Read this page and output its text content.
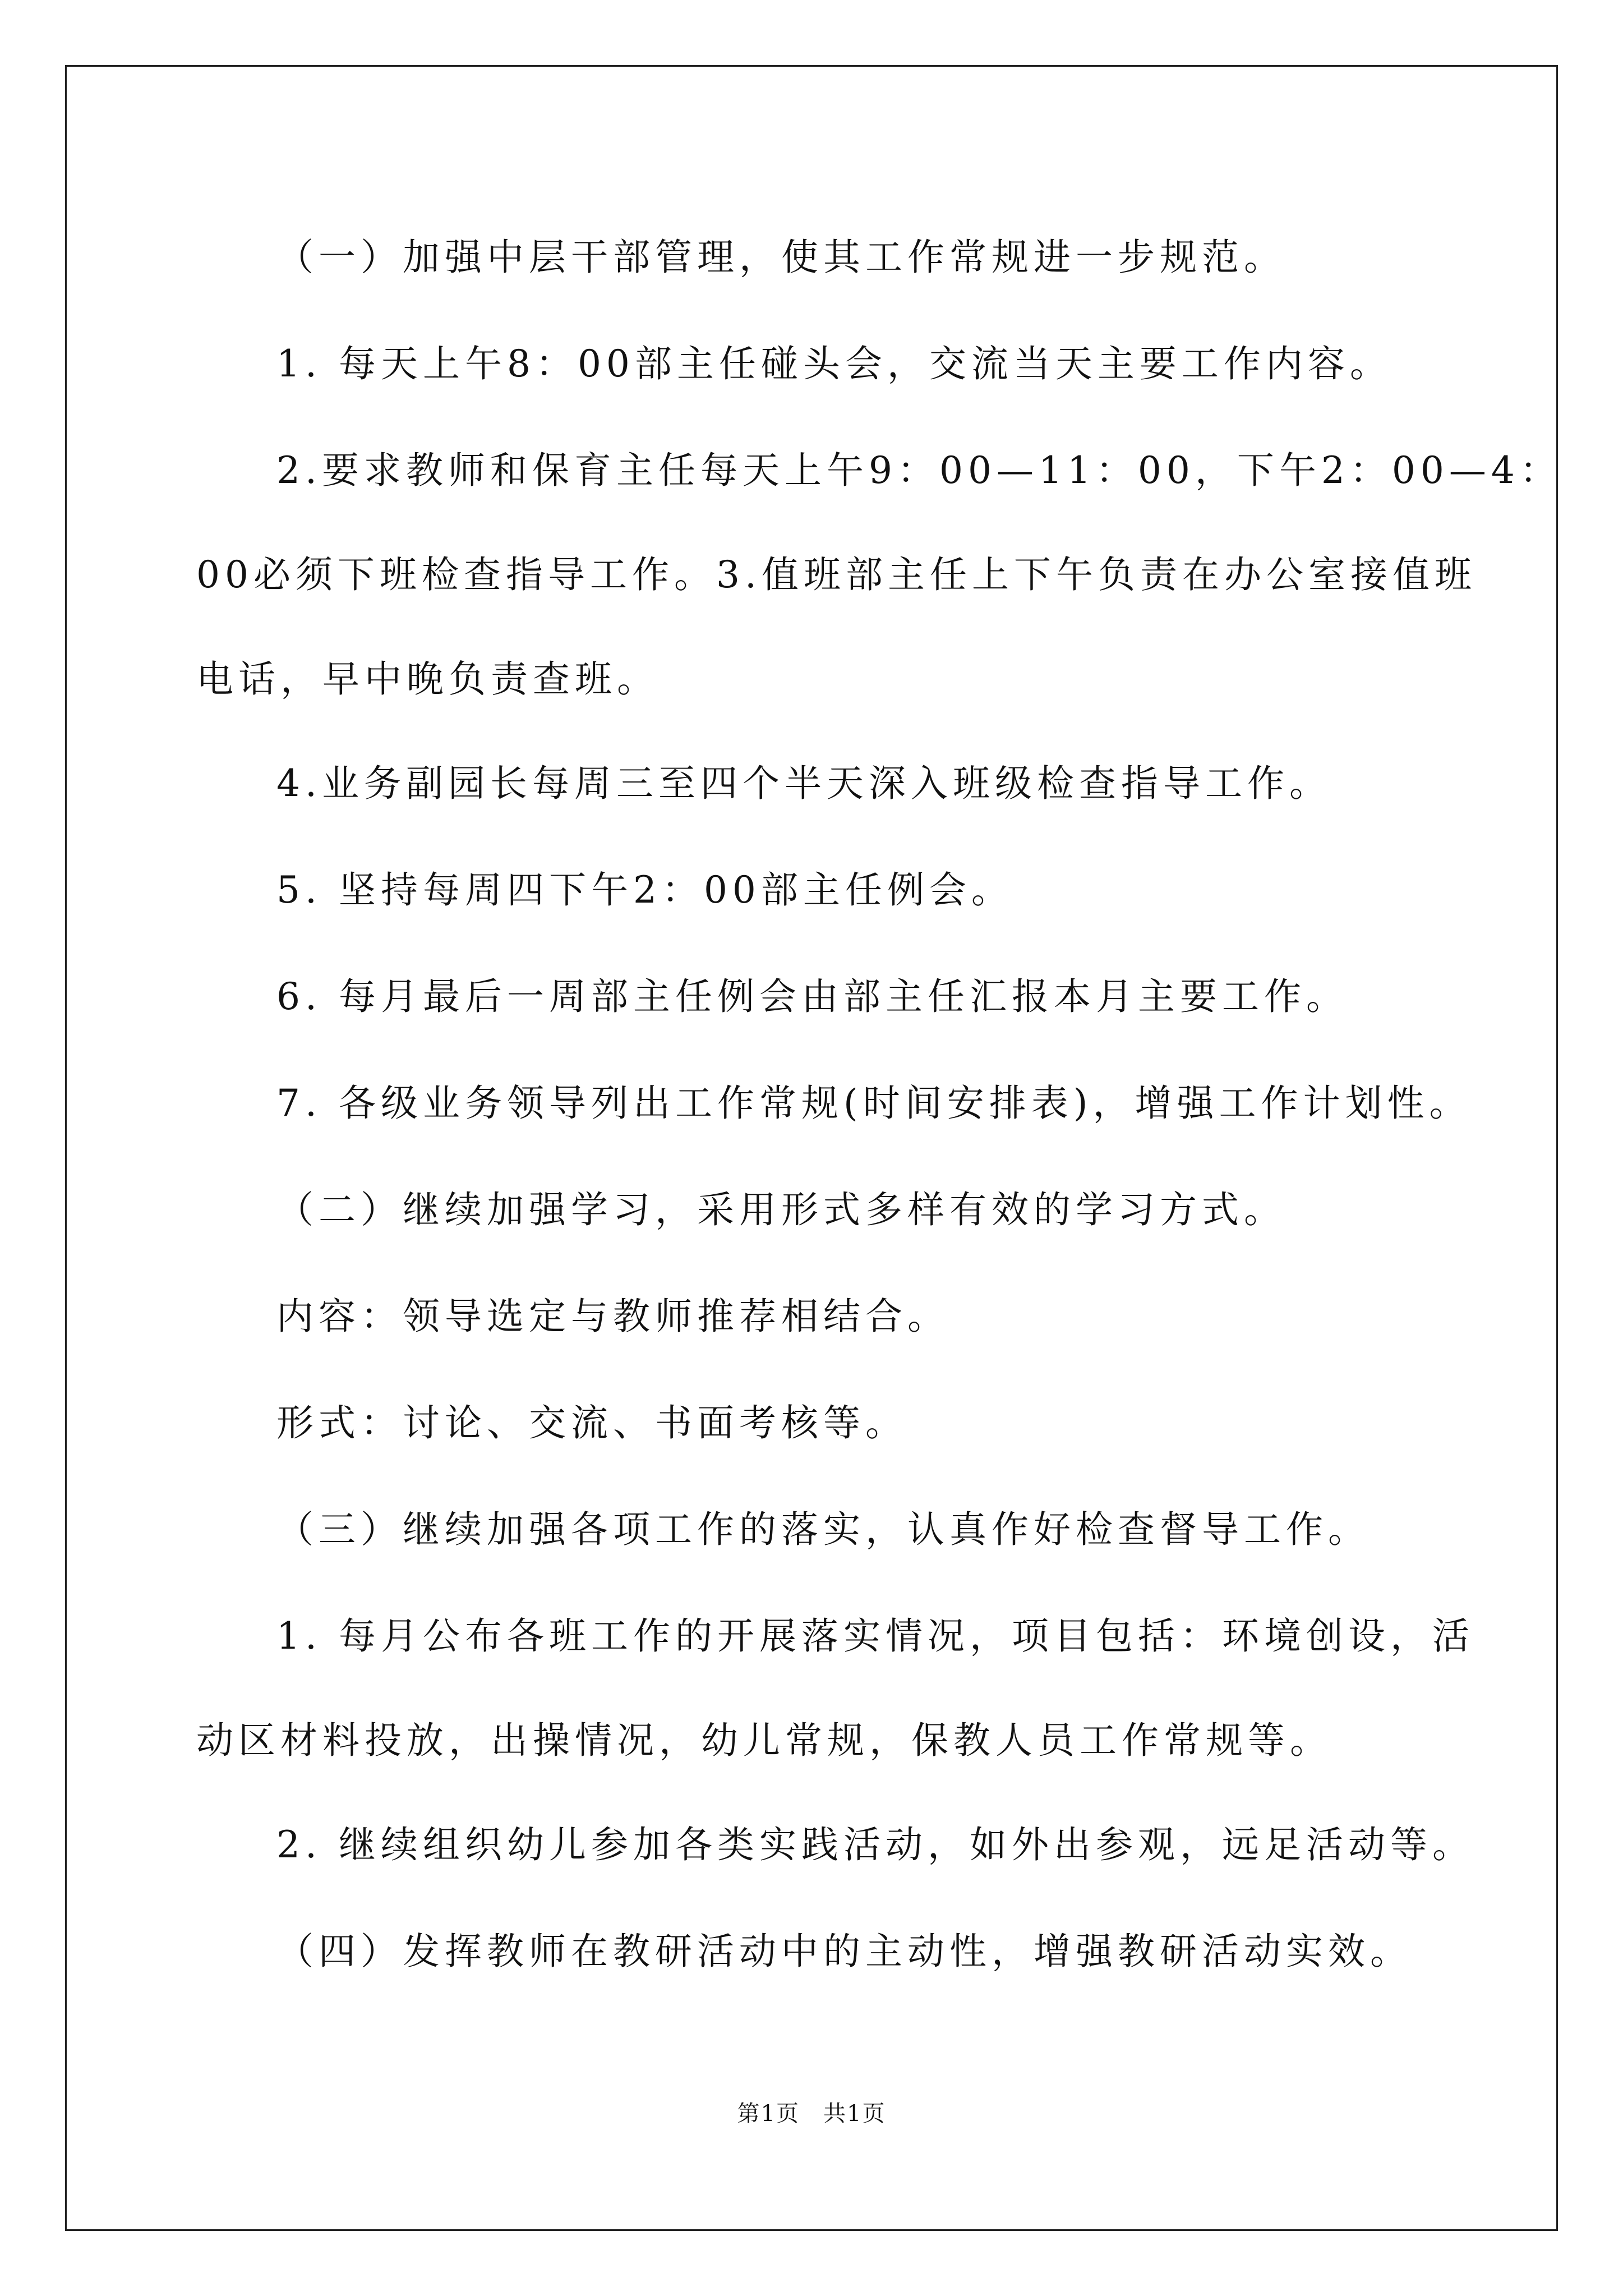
（一）加强中层干部管理，使其工作常规进一步规范。
1. 每天上午8：00部主任碰头会，交流当天主要工作内容。
2.要求教师和保育主任每天上午9：00—11：00，下午2：00—4：
00必须下班检查指导工作。3.值班部主任上下午负责在办公室接值班
电话，早中晚负责查班。
4.业务副园长每周三至四个半天深入班级检查指导工作。
5. 坚持每周四下午2：00部主任例会。
6. 每月最后一周部主任例会由部主任汇报本月主要工作。
7. 各级业务领导列出工作常规(时间安排表)，增强工作计划性。
（二）继续加强学习，采用形式多样有效的学习方式。
内容：领导选定与教师推荐相结合。
形式：讨论、交流、书面考核等。
（三）继续加强各项工作的落实，认真作好检查督导工作。
1. 每月公布各班工作的开展落实情况，项目包括：环境创设，活
动区材料投放，出操情况，幼儿常规，保教人员工作常规等。
2. 继续组织幼儿参加各类实践活动，如外出参观，远足活动等。
（四）发挥教师在教研活动中的主动性，增强教研活动实效。
第1页　共1页
